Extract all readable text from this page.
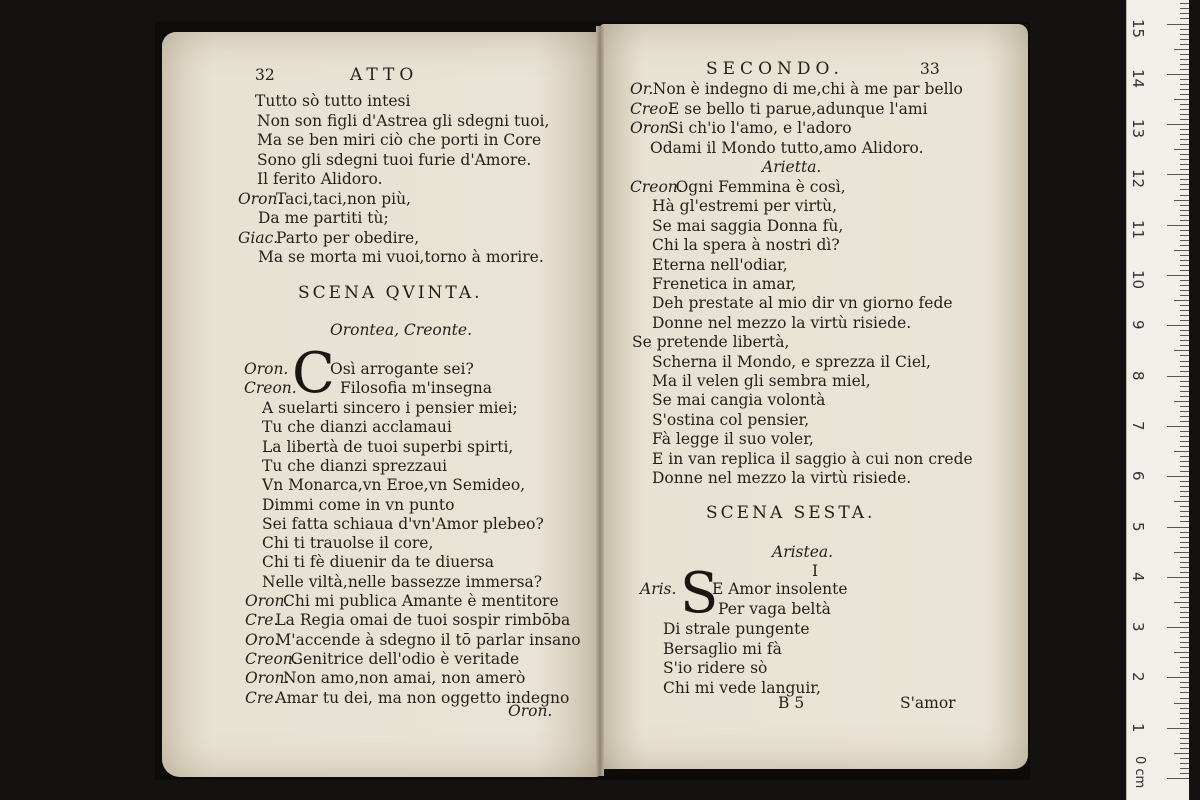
32	ATTO
Tutto sò tutto intesi
Non son figli d'Astrea gli sdegni tuoi,
Ma se ben miri ciò che porti in Core
Sono gli sdegni tuoi furie d'Amore.
Il ferito Alidoro.
Oron.
Taci,taci,non più,
Da me partiti tù;
Giac.
Parto per obedire,
Ma se morta mi vuoi,torno à morire.
SCENA QVINTA.
Orontea, Creonte.
Oron.
Creon.
C
Osì arrogante sei?
Filosofia m'insegna
A suelarti sincero i pensier miei;
Tu che dianzi acclamaui
La libertà de tuoi superbi spirti,
Tu che dianzi sprezzaui
Vn Monarca,vn Eroe,vn Semideo,
Dimmi come in vn punto
Sei fatta schiaua d'vn'Amor plebeo?
Chi ti trauolse il core,
Chi ti fè diuenir da te diuersa
Nelle viltà,nelle bassezze immersa?
Oron.
Chi mi publica Amante è mentitore
Cre.
La Regia omai de tuoi sospir rimbōba
Oro.
M'accende à sdegno il tō parlar insano
Creon.
Genitrice dell'odio è veritade
Oron.
Non amo,non amai, non amerò
Cre.
Amar tu dei, ma non oggetto indegno
Oron.
SECONDO.	33
Or. Non è indegno di me,chi à me par bello
Creo.
E se bello ti parue,adunque l'ami
Oron.
Si ch'io l'amo, e l'adoro
Odami il Mondo tutto,amo Alidoro.
Arietta.
Creon.
Ogni Femmina è così,
Hà gl'estremi per virtù,
Se mai saggia Donna fù,
Chi la spera à nostri dì?
Eterna nell'odiar,
Frenetica in amar,
Deh prestate al mio dir vn giorno fede
Donne nel mezzo la virtù risiede.
Se pretende libertà,
Scherna il Mondo, e sprezza il Ciel,
Ma il velen gli sembra miel,
Se mai cangia volontà
S'ostina col pensier,
Fà legge il suo voler,
E in van replica il saggio à cui non crede
Donne nel mezzo la virtù risiede.
SCENA SESTA.
Aristea.
I
Aris. S
E Amor insolente
Per vaga beltà
Di strale pungente
Bersaglio mi fà
S'io ridere sò
Chi mi vede languir,
B 5	S'amor
1
2
3
4
5
6
7
8
9
10
11
12
13
14
15
0 cm
